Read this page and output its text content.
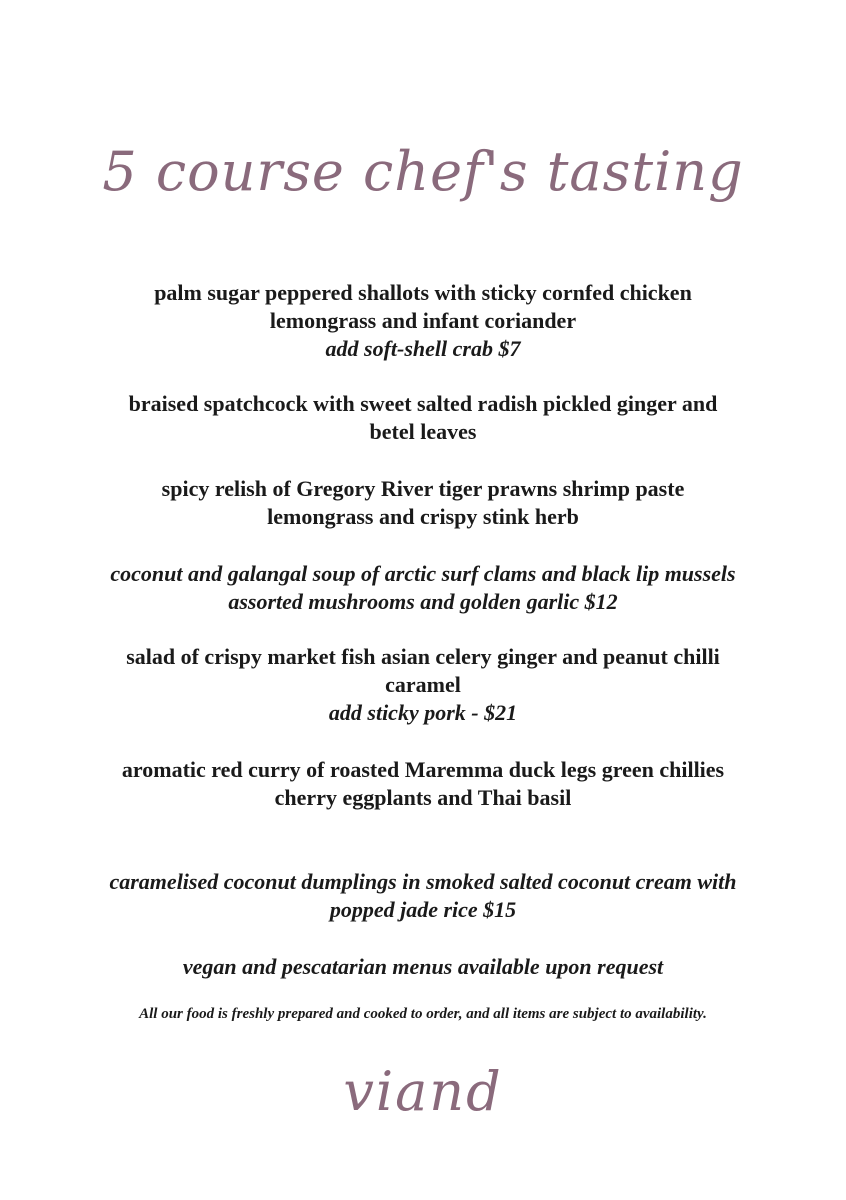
5 course chef's tasting
palm sugar peppered shallots with sticky cornfed chicken
lemongrass and infant coriander
add soft-shell crab $7
braised spatchcock with sweet salted radish pickled ginger and
betel leaves
spicy relish of Gregory River tiger prawns shrimp paste
lemongrass and crispy stink herb
coconut and galangal soup of arctic surf clams and black lip mussels
assorted mushrooms and golden garlic $12
salad of crispy market fish asian celery ginger and peanut chilli
caramel
add sticky pork - $21
aromatic red curry of roasted Maremma duck legs green chillies
cherry eggplants and Thai basil
caramelised coconut dumplings in smoked salted coconut cream with
popped jade rice $15
vegan and pescatarian menus available upon request
All our food is freshly prepared and cooked to order, and all items are subject to availability.
viand
